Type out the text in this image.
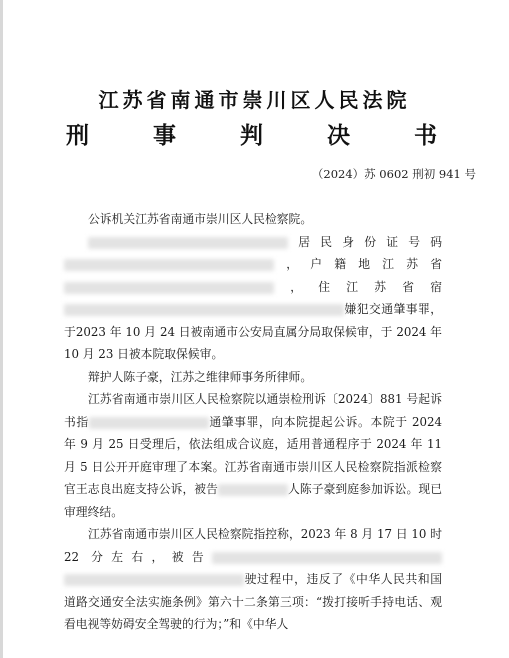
江苏省南通市崇川区人民法院
刑 事 判 决 书
（2024）苏 0602 刑初 941 号

公诉机关江苏省南通市崇川区人民检察院。

居民身份证号码，户籍地江苏省，住江苏省宿嫌犯交通肇事罪，于2023 年 10 月 24 日被南通市公安局直属分局取保候审，于 2024 年 10 月 23 日被本院取保候审。

辩护人陈子豪，江苏之维律师事务所律师。

江苏省南通市崇川区人民检察院以通崇检刑诉〔2024〕881 号起诉书指	通肇事罪，向本院提起公诉。本院于 2024 年 9 月 25 日受理后，依法组成合议庭，适用普通程序于 2024 年 11 月 5 日公开开庭审理了本案。江苏省南通市崇川区人民检察院指派检察官王志良出庭支持公诉，被告	人陈子豪到庭参加诉讼。现已审理终结。

江苏省南通市崇川区人民检察院指控称，2023 年 8 月 17 日 10 时 22 分左右，被告驶过程中，违反了《中华人民共和国道路交通安全法实施条例》第六十二条第三项：“拨打接听手持电话、观看电视等妨碍安全驾驶的行为；”和《中华人
